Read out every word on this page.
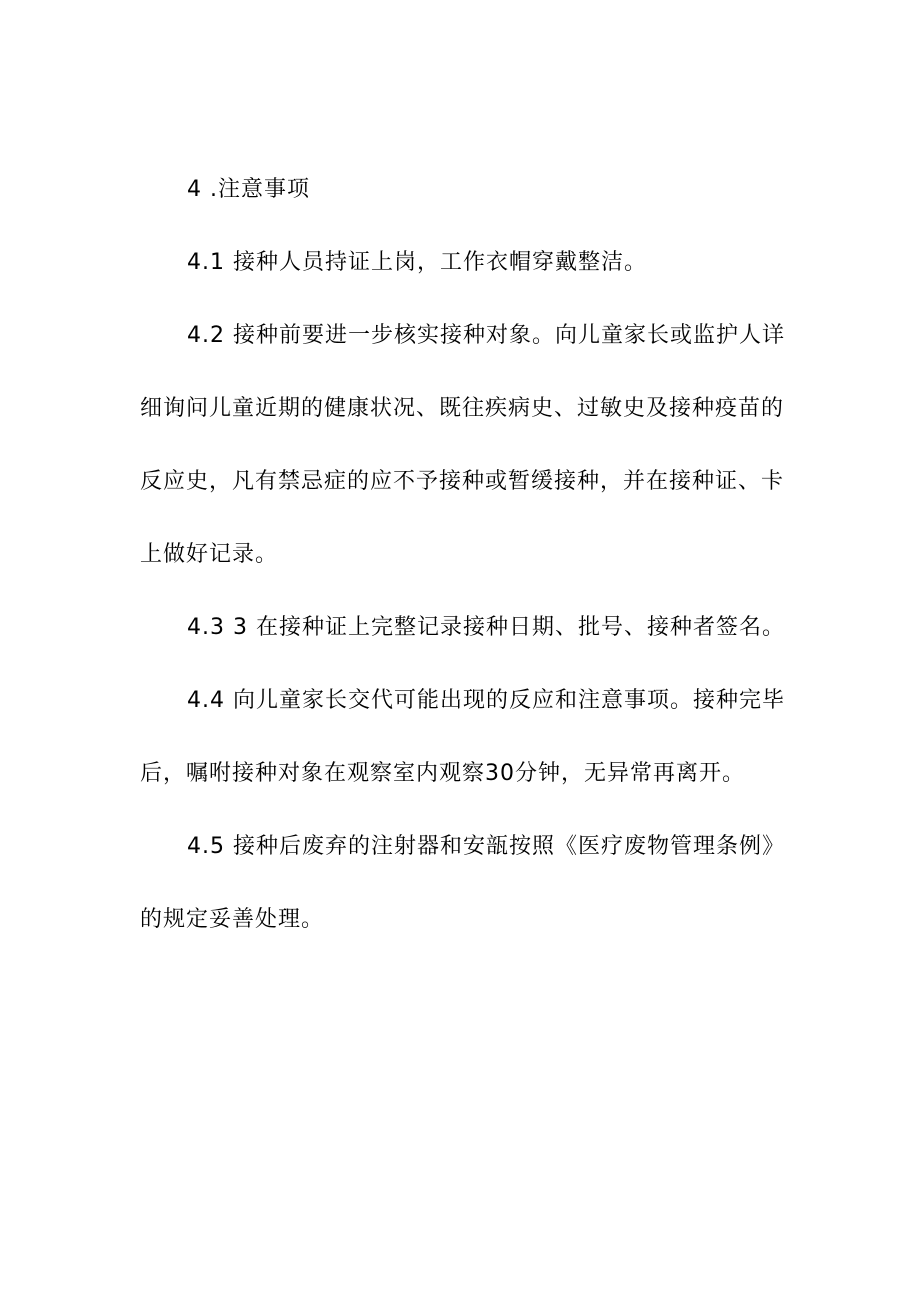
4 .注意事项
4.1 接种人员持证上岗，工作衣帽穿戴整洁。
4.2 接种前要进一步核实接种对象。向儿童家长或监护人详
细询问儿童近期的健康状况、既往疾病史、过敏史及接种疫苗的
反应史，凡有禁忌症的应不予接种或暂缓接种，并在接种证、卡
上做好记录。
4.3 3 在接种证上完整记录接种日期、批号、接种者签名。
4.4 向儿童家长交代可能出现的反应和注意事项。接种完毕
后，嘱咐接种对象在观察室内观察30分钟，无异常再离开。
4.5 接种后废弃的注射器和安瓿按照《医疗废物管理条例》
的规定妥善处理。
